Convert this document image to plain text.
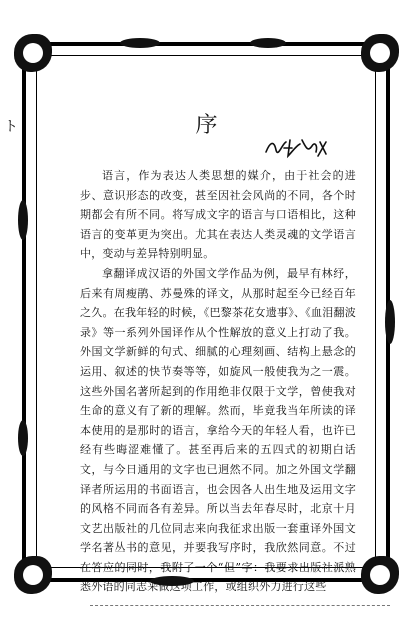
ト	序

语言，作为表达人类思想的媒介，由于社会的进步、意识形态的改变，甚至因社会风尚的不同，各个时期都会有所不同。将写成文字的语言与口语相比，这种语言的变革更为突出。尤其在表达人类灵魂的文学语言中，变动与差异特别明显。

拿翻译成汉语的外国文学作品为例，最早有林纾，后来有周瘦鹃、苏曼殊的译文，从那时起至今已经百年之久。在我年轻的时候，《巴黎茶花女遗事》、《血泪翻波录》等一系列外国译作从个性解放的意义上打动了我。外国文学新鲜的句式、细腻的心理刻画、结构上悬念的运用、叙述的快节奏等等，如旋风一般使我为之一震。这些外国名著所起到的作用绝非仅限于文学，曾使我对生命的意义有了新的理解。然而，毕竟我当年所读的译本使用的是那时的语言，拿给今天的年轻人看，也许已经有些晦涩难懂了。甚至再后来的五四式的初期白话文，与今日通用的文字也已迥然不同。加之外国文学翻译者所运用的书面语言，也会因各人出生地及运用文字的风格不同而各有差异。所以当去年春尽时，北京十月文艺出版社的几位同志来向我征求出版一套重译外国文学名著丛书的意见，并要我写序时，我欣然同意。不过在答应的同时，我附了一个“但”字：我要求出版社派熟悉外语的同志来做这项工作，或组织外力进行这些
